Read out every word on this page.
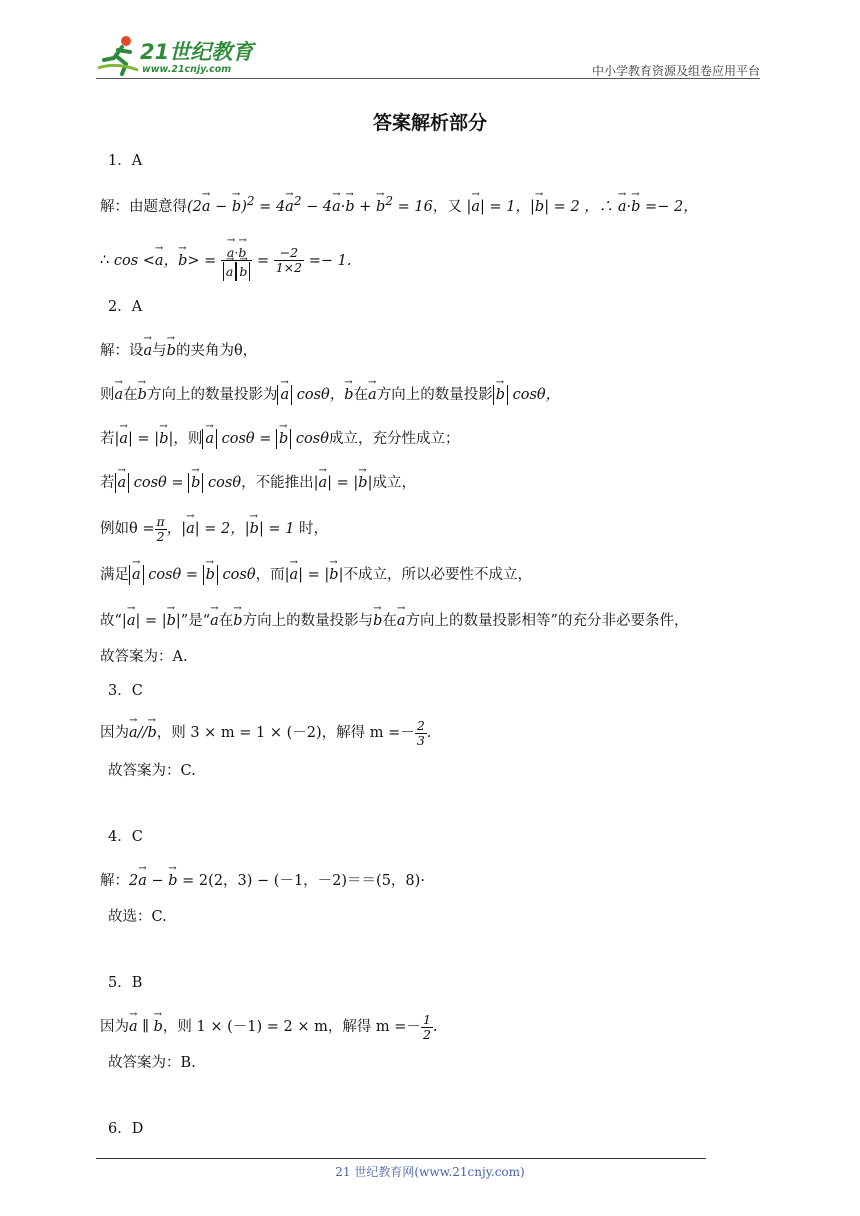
21世纪教育
www.21cnjy.com	中小学教育资源及组卷应用平台
答案解析部分
1．A
解：由题意得(2→ a − → $b)^2 = 4\to a^2 - 4\to a\cdot\to b$ + → $b^2 = 16$，又 |→ a| = 1，|→ b| = 2 ，∴ → a·→ b =− 2，
∴ cos <→ a，→ b> = → a·→ b
→ $a \to b = \frac{-2}{1\times 2} =- 1$.
2．A
解：设→ a与→ b的夹角为θ，
则→ a在→ b方向上的数量投影为 → a cosθ，→ b在→ a方向上的数量投影 → b cosθ，
若|→ a| = |→ b|，则 → a cosθ = → b cosθ成立，充分性成立；
若 → a cosθ = → b cosθ，不能推出|→ a| = |→ b|成立，
例如$\theta = \frac{\pi}{2}$ ，|→ a| = 2，|→ b| = 1 时，
满足 → a cosθ = → b cosθ，而|→ a| = |→ b|不成立，所以必要性不成立，
故“|→ a| = |→ b|”是“→ a在→ b方向上的数量投影与→ b在→ a方向上的数量投影相等”的充分非必要条件，
故答案为：A.
3．C
因为→ a//→ b，则 3 × m = 1 × (－2)，解得 $m =- \frac{2}{3}$ .
故答案为：C.
4．C
解：2→ a − → b = 2(2，3) − (－1，－2)＝＝(5，8)·
故选：C.
5．B
因为→ a ∥ → b，则 1 × (－1) = 2 × m，解得 $m =- \frac{1}{2}$ .
故答案为：B.
6．D
21 世纪教育网(www.21cnjy.com)
